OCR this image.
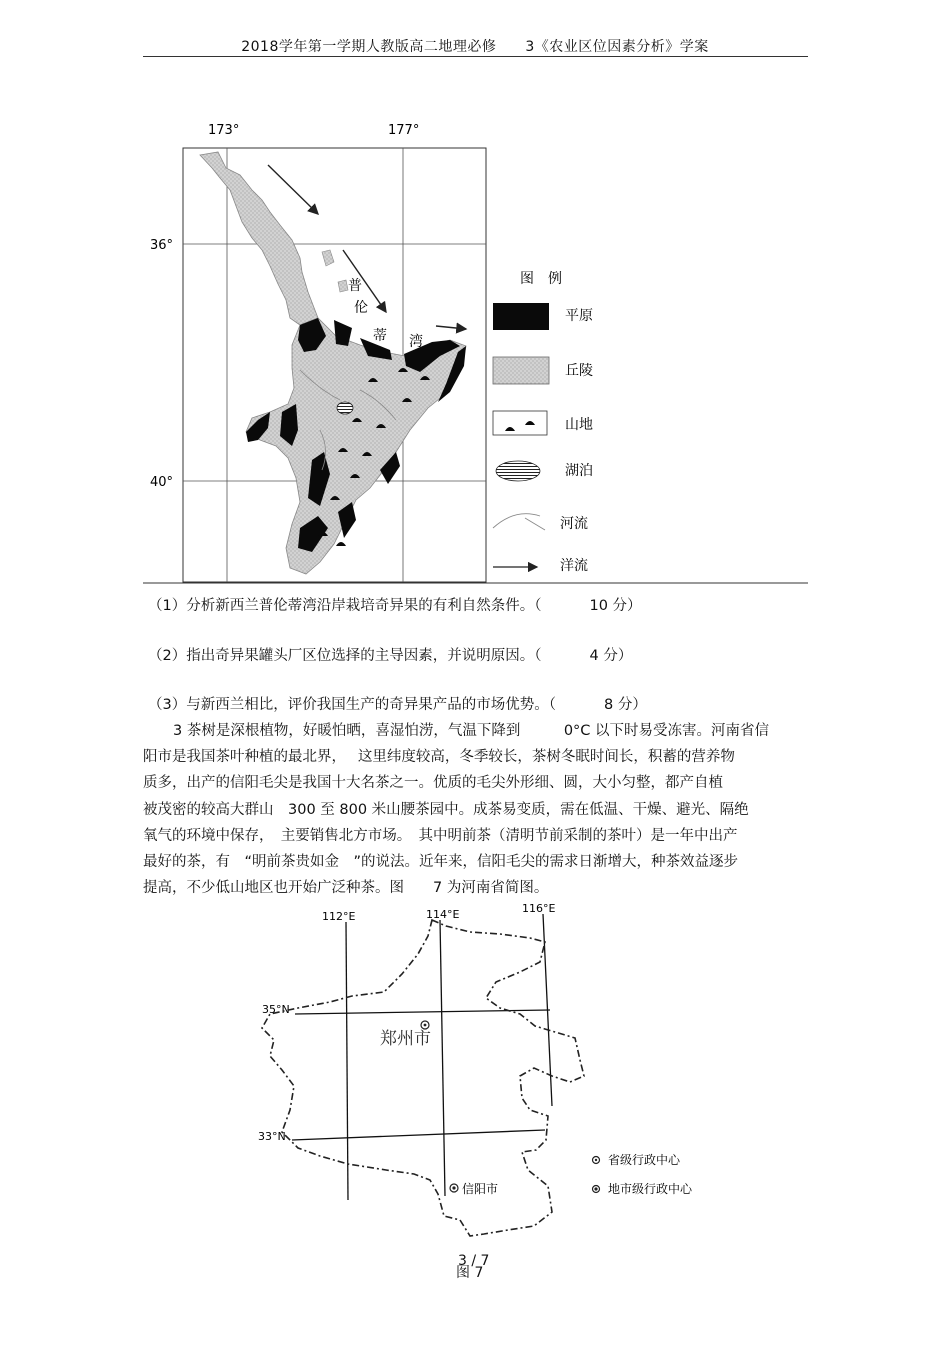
2018学年第一学期人教版高二地理必修　　3《农业区位因素分析》学案
173°	177°
36°
40°
普
伦
蒂 湾
图　例
平原
丘陵
山地
湖泊
河流
洋流
（1）分析新西兰普伦蒂湾沿岸栽培奇异果的有利自然条件。（	10 分）
（2）指出奇异果罐头厂区位选择的主导因素，并说明原因。（	4 分）
（3）与新西兰相比，评价我国生产的奇异果产品的市场优势。（	8 分）

3 茶树是深根植物，好暖怕晒，喜湿怕涝，气温下降到　　　0°C 以下时易受冻害。河南省信

阳市是我国茶叶种植的最北界，　 这里纬度较高，冬季较长，茶树冬眠时间长，积蓄的营养物

质多，出产的信阳毛尖是我国十大名茶之一。优质的毛尖外形细、圆，大小匀整，都产自植

被茂密的较高大群山　300 至 800 米山腰茶园中。成茶易变质，需在低温、干燥、避光、隔绝

氧气的环境中保存，　主要销售北方市场。　其中明前茶（清明节前采制的茶叶）是一年中出产

最好的茶，有　“明前茶贵如金　”的说法。近年来，信阳毛尖的需求日渐增大，种茶效益逐步

提高，不少低山地区也开始广泛种茶。图　　7 为河南省简图。

112°E	114°E	116°E
35°N
33°N
郑州市
信阳市
省级行政中心
地市级行政中心
3 / 7
图 7
